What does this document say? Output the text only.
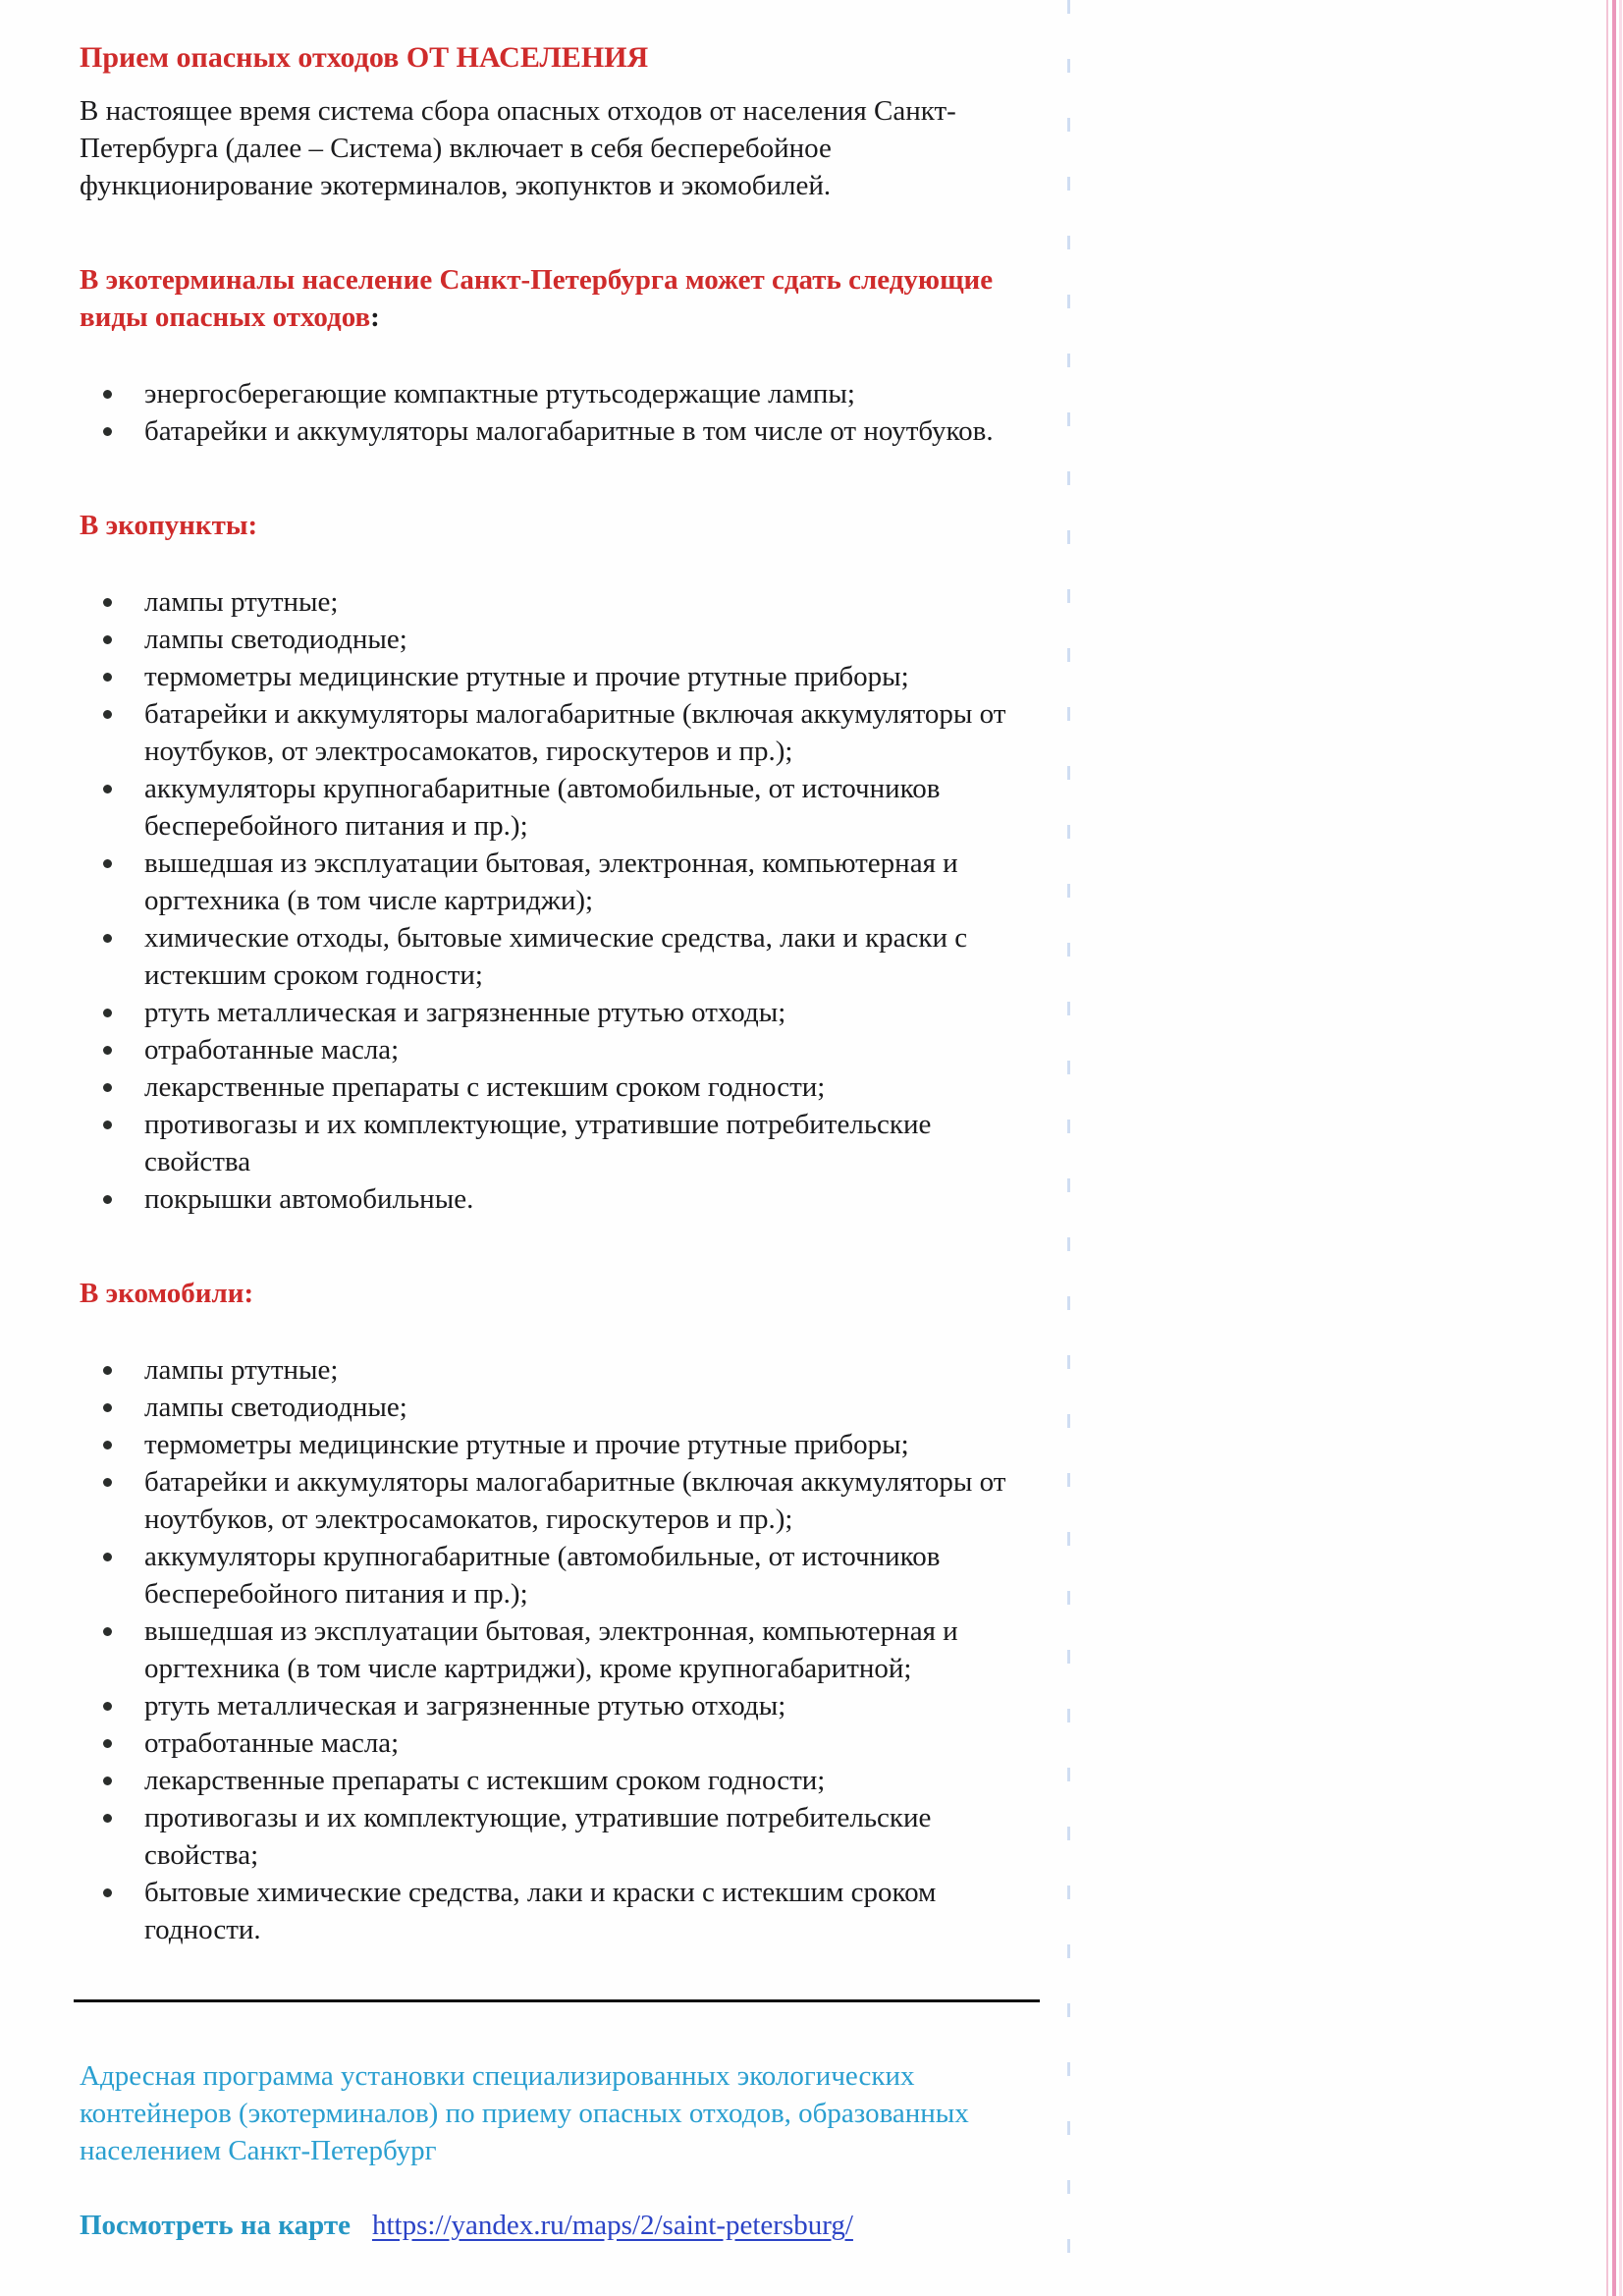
Прием опасных отходов ОТ НАСЕЛЕНИЯ

В настоящее время система сбора опасных отходов от населения Санкт-Петербурга (далее – Система) включает в себя бесперебойное функционирование экотерминалов, экопунктов и экомобилей.

В экотерминалы население Санкт-Петербурга может сдать следующие виды опасных отходов:
энергосберегающие компактные ртутьсодержащие лампы;
батарейки и аккумуляторы малогабаритные в том числе от ноутбуков.
В экопункты:
лампы ртутные;
лампы светодиодные;
термометры медицинские ртутные и прочие ртутные приборы;
батарейки и аккумуляторы малогабаритные (включая аккумуляторы от ноутбуков, от электросамокатов, гироскутеров и пр.);
аккумуляторы крупногабаритные (автомобильные, от источников бесперебойного питания и пр.);
вышедшая из эксплуатации бытовая, электронная, компьютерная и оргтехника (в том числе картриджи);
химические отходы, бытовые химические средства, лаки и краски с истекшим сроком годности;
ртуть металлическая и загрязненные ртутью отходы;
отработанные масла;
лекарственные препараты с истекшим сроком годности;
противогазы и их комплектующие, утратившие потребительские свойства
покрышки автомобильные.
В экомобили:
лампы ртутные;
лампы светодиодные;
термометры медицинские ртутные и прочие ртутные приборы;
батарейки и аккумуляторы малогабаритные (включая аккумуляторы от ноутбуков, от электросамокатов, гироскутеров и пр.);
аккумуляторы крупногабаритные (автомобильные, от источников бесперебойного питания и пр.);
вышедшая из эксплуатации бытовая, электронная, компьютерная и оргтехника (в том числе картриджи), кроме крупногабаритной;
ртуть металлическая и загрязненные ртутью отходы;
отработанные масла;
лекарственные препараты с истекшим сроком годности;
противогазы и их комплектующие, утратившие потребительские свойства;
бытовые химические средства, лаки и краски с истекшим сроком годности.

Адресная программа установки специализированных экологических контейнеров (экотерминалов) по приему опасных отходов, образованных населением Санкт-Петербург

Посмотреть на карте https://yandex.ru/maps/2/saint-petersburg/
